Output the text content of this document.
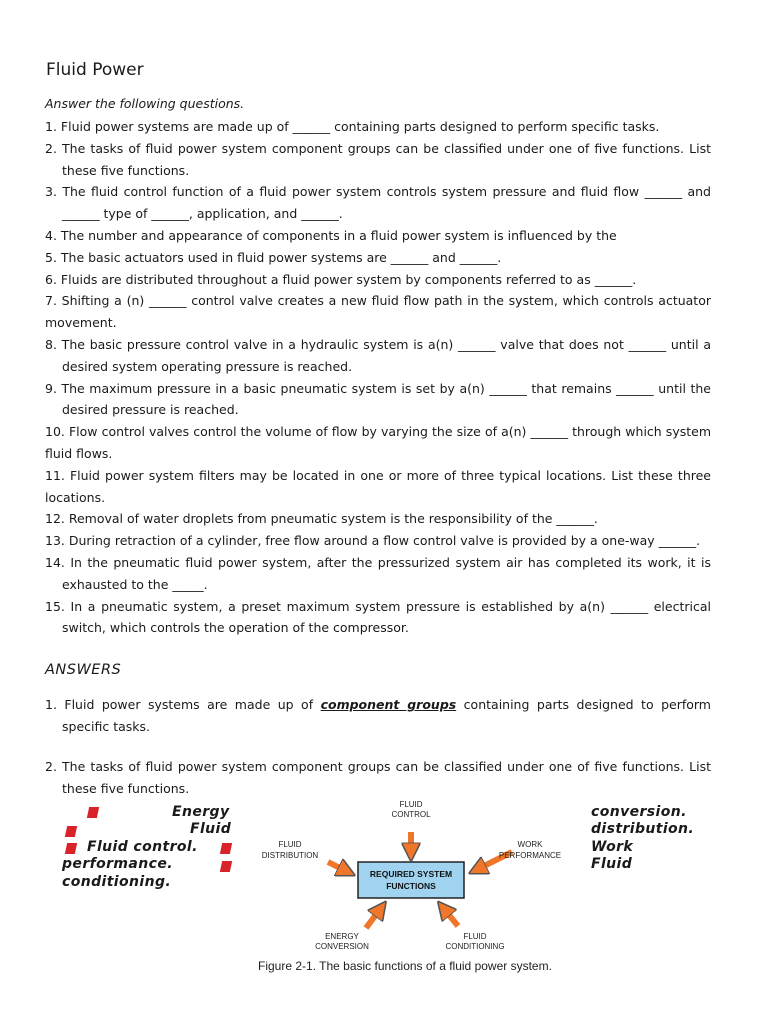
Fluid Power
Answer the following questions.
1. Fluid power systems are made up of ______ containing parts designed to perform specific tasks.
2. The tasks of fluid power system component groups can be classified under one of five functions. List these five functions.
3. The fluid control function of a fluid power system controls system pressure and fluid flow ______ and ______ type of ______, application, and ______.
4. The number and appearance of components in a fluid power system is influenced by the
5. The basic actuators used in fluid power systems are ______ and ______.
6. Fluids are distributed throughout a fluid power system by components referred to as ______.
7. Shifting a (n) ______ control valve creates a new fluid flow path in the system, which controls actuator movement.
8. The basic pressure control valve in a hydraulic system is a(n) ______ valve that does not ______ until a desired system operating pressure is reached.
9. The maximum pressure in a basic pneumatic system is set by a(n) ______ that remains ______ until the desired pressure is reached.
10. Flow control valves control the volume of flow by varying the size of a(n) ______ through which system fluid flows.
11. Fluid power system filters may be located in one or more of three typical locations. List these three locations.
12. Removal of water droplets from pneumatic system is the responsibility of the ______.
13. During retraction of a cylinder, free flow around a flow control valve is provided by a one-way ______.
14. In the pneumatic fluid power system, after the pressurized system air has completed its work, it is exhausted to the _____.
15. In a pneumatic system, a preset maximum system pressure is established by a(n) ______ electrical switch, which controls the operation of the compressor.
ANSWERS
1. Fluid power systems are made up of component groups containing parts designed to perform specific tasks.
2. The tasks of fluid power system component groups can be classified under one of five functions. List these five functions.
Energy
Fluid
Fluid control.
performance.
conditioning.
conversion.
distribution.
Work
Fluid
REQUIRED SYSTEM
FUNCTIONS
FLUID
CONTROL
FLUID
DISTRIBUTION
WORK
PERFORMANCE
ENERGY
CONVERSION
FLUID
CONDITIONING
Figure 2-1. The basic functions of a fluid power system.
